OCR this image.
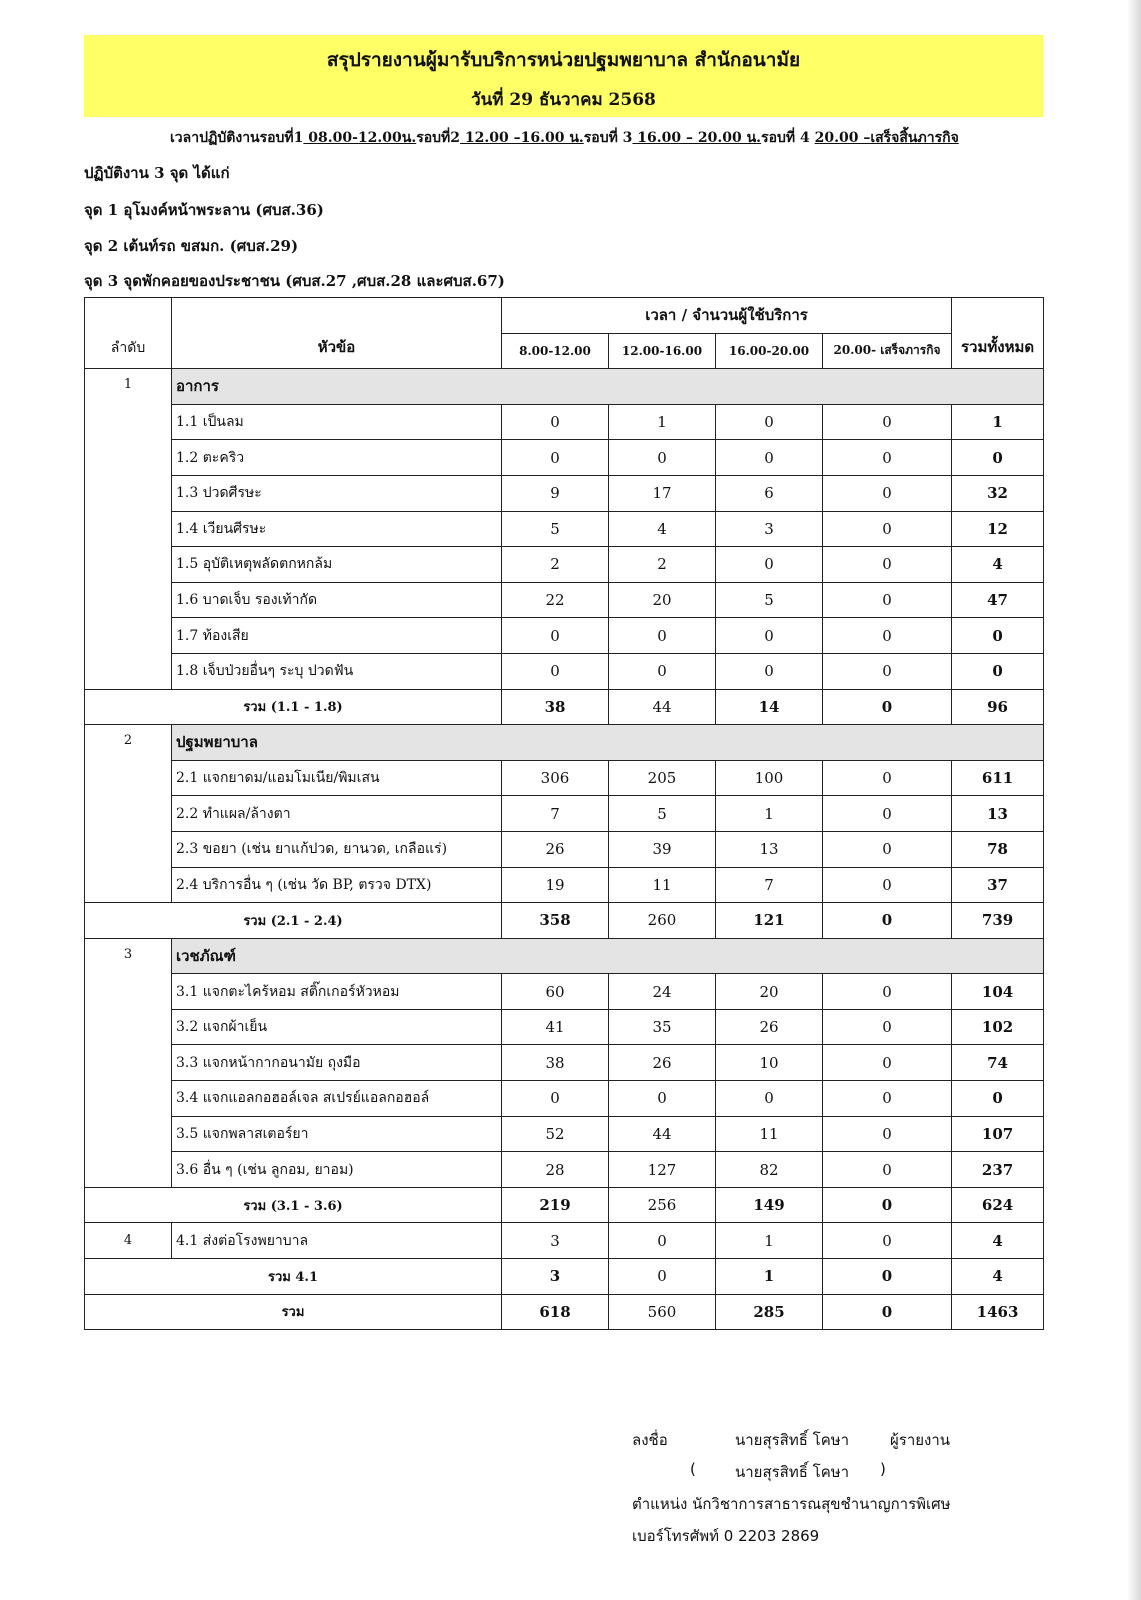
สรุปรายงานผู้มารับบริการหน่วยปฐมพยาบาล สำนักอนามัย
วันที่ 29 ธันวาคม 2568
เวลาปฏิบัติงานรอบที่1 08.00-12.00น.รอบที่2 12.00 –16.00 น.รอบที่ 3 16.00 – 20.00 น.รอบที่ 4 20.00 –เสร็จสิ้นภารกิจ
ปฏิบัติงาน 3 จุด ได้แก่
จุด 1 อุโมงค์หน้าพระลาน (ศบส.36)
จุด 2 เต้นท์รถ ขสมก. (ศบส.29)
จุด 3 จุดพักคอยของประชาชน (ศบส.27 ,ศบส.28 และศบส.67)
ลำดับ	หัวข้อ	เวลา / จำนวนผู้ใช้บริการ				รวมทั้งหมด
		8.00-12.00	12.00-16.00	16.00-20.00	20.00- เสร็จภารกิจ	
1	อาการ					
	1.1 เป็นลม	0	1	0	0	1
	1.2 ตะคริว	0	0	0	0	0
	1.3 ปวดศีรษะ	9	17	6	0	32
	1.4 เวียนศีรษะ	5	4	3	0	12
	1.5 อุบัติเหตุพลัดตกหกล้ม	2	2	0	0	4
	1.6 บาดเจ็บ รองเท้ากัด	22	20	5	0	47
	1.7 ท้องเสีย	0	0	0	0	0
	1.8 เจ็บป่วยอื่นๆ ระบุ ปวดฟัน	0	0	0	0	0
รวม (1.1 - 1.8)		38	44	14	0	96
2	ปฐมพยาบาล					
	2.1 แจกยาดม/แอมโมเนีย/พิมเสน	306	205	100	0	611
	2.2 ทำแผล/ล้างตา	7	5	1	0	13
	2.3 ขอยา (เช่น ยาแก้ปวด, ยานวด, เกลือแร่)	26	39	13	0	78
	2.4 บริการอื่น ๆ (เช่น วัด BP, ตรวจ DTX)	19	11	7	0	37
รวม (2.1 - 2.4)		358	260	121	0	739
3	เวชภัณฑ์					
	3.1 แจกตะไคร้หอม สติ๊กเกอร์หัวหอม	60	24	20	0	104
	3.2 แจกผ้าเย็น	41	35	26	0	102
	3.3 แจกหน้ากากอนามัย ถุงมือ	38	26	10	0	74
	3.4 แจกแอลกอฮอล์เจล สเปรย์แอลกอฮอล์	0	0	0	0	0
	3.5 แจกพลาสเตอร์ยา	52	44	11	0	107
	3.6 อื่น ๆ (เช่น ลูกอม, ยาอม)	28	127	82	0	237
รวม (3.1 - 3.6)		219	256	149	0	624
4	4.1 ส่งต่อโรงพยาบาล	3	0	1	0	4
รวม 4.1		3	0	1	0	4
รวม		618	560	285	0	1463
ลงชื่อ	นายสุรสิทธิ์ โคษา	ผู้รายงาน
(	นายสุรสิทธิ์ โคษา )
ตำแหน่ง นักวิชาการสาธารณสุขชำนาญการพิเศษ
เบอร์โทรศัพท์ 0 2203 2869
